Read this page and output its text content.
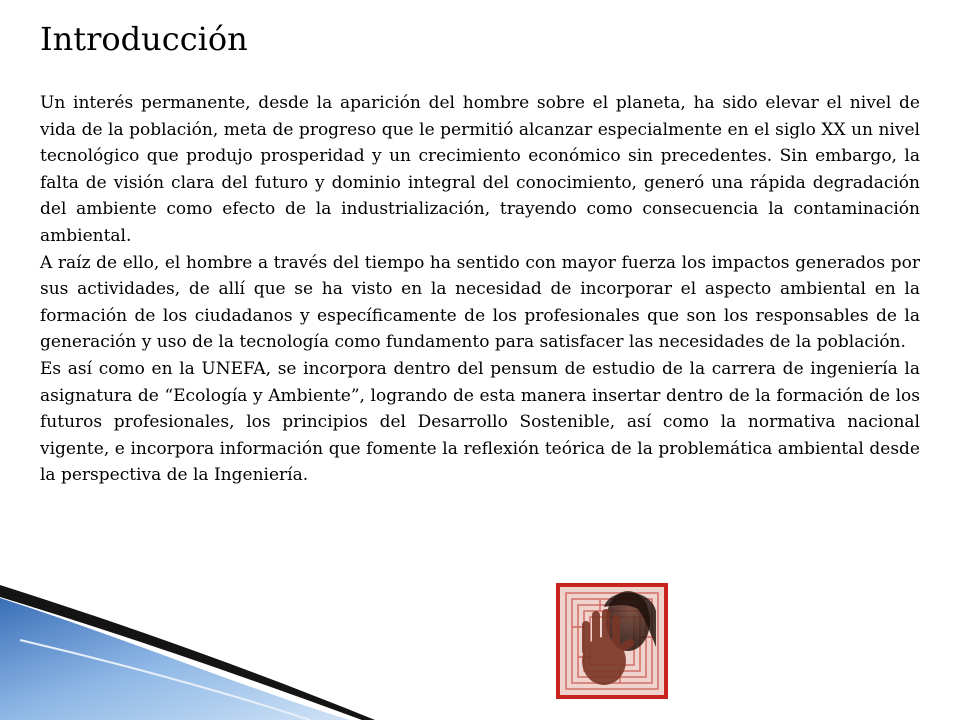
Introducción

Un interés permanente, desde la aparición del hombre sobre el planeta, ha sido elevar el nivel de vida de la población, meta de progreso que le permitió alcanzar especialmente en el siglo XX un nivel tecnológico que produjo prosperidad y un crecimiento económico sin precedentes. Sin embargo, la falta de visión clara del futuro y dominio integral del conocimiento, generó una rápida degradación del ambiente como efecto de la industrialización, trayendo como consecuencia la contaminación ambiental.

A raíz de ello, el hombre a través del tiempo ha sentido con mayor fuerza los impactos generados por sus actividades, de allí que se ha visto en la necesidad de incorporar el aspecto ambiental en la formación de los ciudadanos y específicamente de los profesionales que son los responsables de la generación y uso de la tecnología como fundamento para satisfacer las necesidades de la población.

Es así como en la UNEFA, se incorpora dentro del pensum de estudio de la carrera de ingeniería la asignatura de “Ecología y Ambiente”, logrando de esta manera insertar dentro de la formación de los futuros profesionales, los principios del Desarrollo Sostenible, así como la normativa nacional vigente, e incorpora información que fomente la reflexión teórica de la problemática ambiental desde la perspectiva de la Ingeniería.
